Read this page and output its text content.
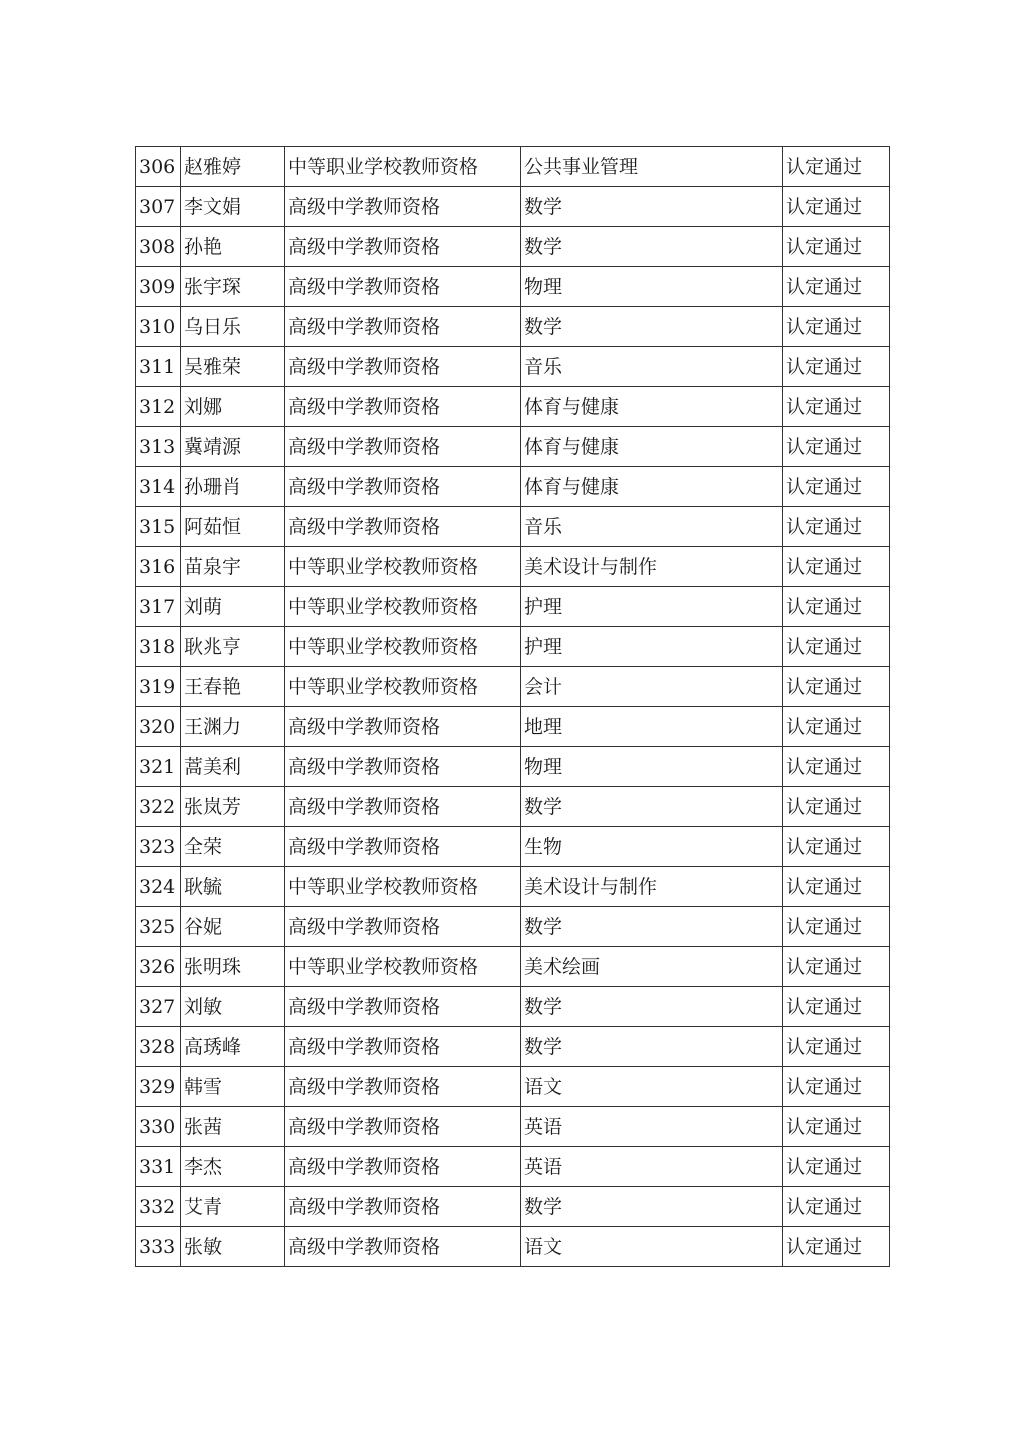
306	赵雅婷	中等职业学校教师资格	公共事业管理	认定通过
307	李文娟	高级中学教师资格	数学	认定通过
308	孙艳	高级中学教师资格	数学	认定通过
309	张宇琛	高级中学教师资格	物理	认定通过
310	乌日乐	高级中学教师资格	数学	认定通过
311	吴雅荣	高级中学教师资格	音乐	认定通过
312	刘娜	高级中学教师资格	体育与健康	认定通过
313	冀靖源	高级中学教师资格	体育与健康	认定通过
314	孙珊肖	高级中学教师资格	体育与健康	认定通过
315	阿茹恒	高级中学教师资格	音乐	认定通过
316	苗泉宇	中等职业学校教师资格	美术设计与制作	认定通过
317	刘萌	中等职业学校教师资格	护理	认定通过
318	耿兆亨	中等职业学校教师资格	护理	认定通过
319	王春艳	中等职业学校教师资格	会计	认定通过
320	王渊力	高级中学教师资格	地理	认定通过
321	蒿美利	高级中学教师资格	物理	认定通过
322	张岚芳	高级中学教师资格	数学	认定通过
323	全荣	高级中学教师资格	生物	认定通过
324	耿毓	中等职业学校教师资格	美术设计与制作	认定通过
325	谷妮	高级中学教师资格	数学	认定通过
326	张明珠	中等职业学校教师资格	美术绘画	认定通过
327	刘敏	高级中学教师资格	数学	认定通过
328	高琇峰	高级中学教师资格	数学	认定通过
329	韩雪	高级中学教师资格	语文	认定通过
330	张茜	高级中学教师资格	英语	认定通过
331	李杰	高级中学教师资格	英语	认定通过
332	艾青	高级中学教师资格	数学	认定通过
333	张敏	高级中学教师资格	语文	认定通过
